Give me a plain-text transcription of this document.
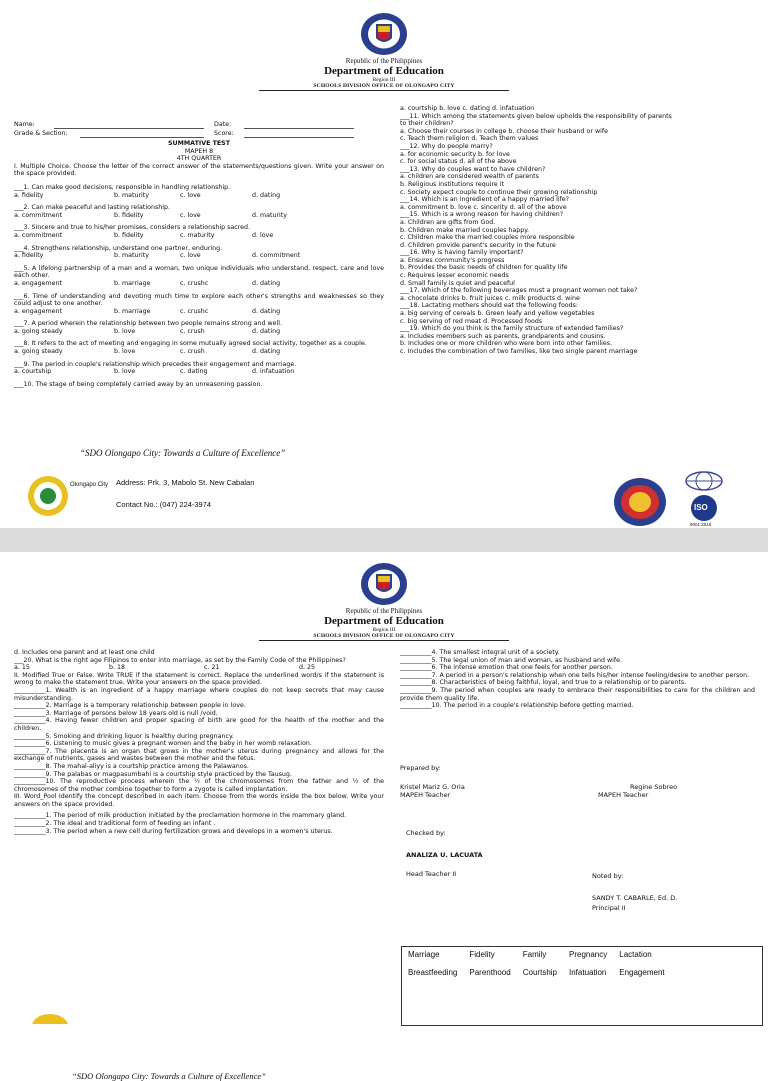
Republic of the Philippines
Department of Education
Region III
SCHOOLS DIVISION OFFICE OF OLONGAPO CITY
Name:	Date:
Grade & Section:	Score:

SUMMATIVE TEST

MAPEH 8

4TH QUARTER

I. Multiple Choice. Choose the letter of the correct answer of the statements/questions given. Write your answer on the space provided.

___1. Can make good decisions, responsible in handling relationship.

a. fidelity	b. maturity	c. love	d. dating

___2. Can make peaceful and lasting relationship.

a. commitment	b. fidelity	c. love	d. maturity

___3. Sincere and true to his/her promises, considers a relationship sacred.

a. commitment	b. fidelity	c. maturity	d. love

___4. Strengthens relationship, understand one partner, enduring.

a. fidelity	b. maturity	c. love	d. commitment

___5. A lifelong partnership of a man and a woman, two unique individuals who understand, respect, care and love each other.

a. engagement	b. marriage	c. crushc	d. dating

___6. Time of understanding and devoting much time to explore each other's strengths and weaknesses so they could adjust to one another.

a. engagement	b. marriage	c. crushc	d. dating

___7. A period wherein the relationship between two people remains strong and well.

a. going steady	b. love	c. crush	d. dating

___8. It refers to the act of meeting and engaging in some mutually agreed social activity, together as a couple.

a. going steady	b. love	c. crush	d. dating

___9. The period in couple's relationship which precedes their engagement and marriage.

a. courtship	b. love	c. dating	d. infatuation

___10. The stage of being completely carried away by an unreasoning passion.

a. courtship b. love c. dating d. infatuation

___11. Which among the statements given below upholds the responsibility of parents

to their children?

a. Choose their courses in college b. choose their husband or wife

c. Teach them religion d. Teach them values

___12. Why do people marry?

a. for economic security b. for love

c. for social status d. all of the above

___13. Why do couples want to have children?

a. children are considered wealth of parents

b. Religious institutions require it

c. Society expect couple to continue their growing relationship

___14. Which is an ingredient of a happy married life?

a. commitment b. love c. sincerity d. all of the above

___15. Which is a wrong reason for having children?

a. Children are gifts from God.

b. Children make married couples happy.

c. Children make the married couples more responsible

d. Children provide parent's security in the future

___16. Why is having family important?

a. Ensures community's progress

b. Provides the basic needs of children for quality life

c. Requires lesser economic needs

d. Small family is quiet and peaceful

___17. Which of the following beverages must a pregnant women not take?

a. chocolate drinks b. fruit juices c. milk products d. wine

___18. Lactating mothers should eat the following foods:

a. big serving of cereals b. Green leafy and yellow vegetables

c. big serving of red meat d. Processed foods

___19. Which do you think is the family structure of extended families?

a. Includes members such as parents, grandparents and cousins.

b. Includes one or more children who were born into other families.

c. Includes the combination of two families, like two single parent marriage

“SDO Olongapo City: Towards a Culture of Excellence”
Olongapo City Address: Prk. 3, Mabolo St. New Cabalan
Contact No.: (047) 224-3974	ISO
9001:2015
Republic of the Philippines
Department of Education
Region III
SCHOOLS DIVISION OFFICE OF OLONGAPO CITY

d. Includes one parent and at least one child

___20. What is the right age Filipinos to enter into marriage, as set by the Family Code of the Philippines?

a. 15	b. 18	c. 21	d. 25

II. Modified True or False. Write TRUE if the statement is correct. Replace the underlined word/s if the statement is wrong to make the statement true. Write your answers on the space provided.

__________1. Wealth is an ingredient of a happy marriage where couples do not keep secrets that may cause misunderstanding.

__________2. Marriage is a temporary relationship between people in love.

__________3. Marriage of persons below 18 years old is null /void.

__________4. Having fewer children and proper spacing of birth are good for the health of the mother and the children.

__________5. Smoking and drinking liquor is healthy during pregnancy.

__________6. Listening to music gives a pregnant women and the baby in her womb relaxation.

__________7. The placenta is an organ that grows in the mother's uterus during pregnancy and allows for the exchange of nutrients, gases and wastes between the mother and the fetus.

__________8. The mahal-aliyy is a courtship practice among the Palawanos.

__________9. The palabas or magpasumbahi is a courtship style practiced by the Tausug.

__________10. The reproductive process wherein the ½ of the chromosomes from the father and ½ of the chromosomes of the mother combine together to form a zygote is called implantation.

III. Word_Pool Identify the concept described in each item. Choose from the words inside the box below. Write your answers on the space provided.

__________1. The period of milk production initiated by the proclamation hormone in the mammary gland.

__________2. The ideal and traditional form of feeding an infant .

__________3. The period when a new cell during fertilization grows and develops in a women's uterus.

“SDO Olongapo City: Towards a Culture of Excellence”

__________4. The smallest integral unit of a society.

__________5. The legal union of man and woman, as husband and wife.

__________6. The intense emotion that one feels for another person.

__________7. A period in a person's relationship when one tells his/her intense feeling/desire to another person.

__________8. Characteristics of being faithful, loyal, and true to a relationship or to parents.

__________9. The period when couples are ready to embrace their responsibilities to care for the children and provide them quality life.

__________10. The period in a couple's relationship before getting married.

Prepared by:
Kristel Mariz G. Oria
MAPEH Teacher
Regine Sobreo
MAPEH Teacher
Checked by:
ANALIZA U. LACUATA
Head Teacher II	Noted by:
SANDY T. CABARLE, Ed. D.
Principal II
Marriage	Fidelity	Family	Pregnancy	Lactation
Breastfeeding	Parenthood	Courtship	Infatuation	Engagement
